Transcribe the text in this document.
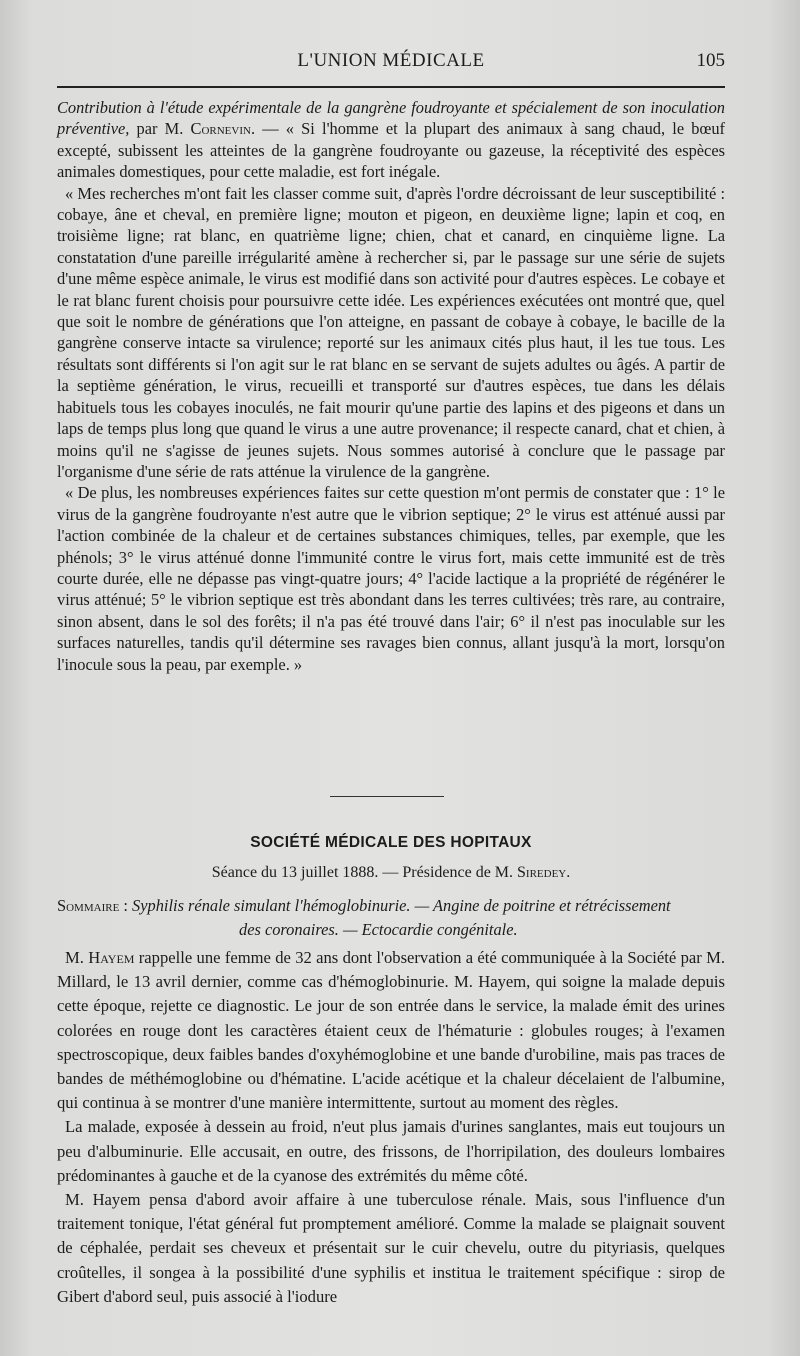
L'UNION MÉDICALE	105

Contribution à l'étude expérimentale de la gangrène foudroyante et spécialement de son inoculation préventive, par M. Cornevin. — « Si l'homme et la plupart des animaux à sang chaud, le bœuf excepté, subissent les atteintes de la gangrène foudroyante ou gazeuse, la réceptivité des espèces animales domestiques, pour cette maladie, est fort inégale.

« Mes recherches m'ont fait les classer comme suit, d'après l'ordre décroissant de leur susceptibilité : cobaye, âne et cheval, en première ligne; mouton et pigeon, en deuxième ligne; lapin et coq, en troisième ligne; rat blanc, en quatrième ligne; chien, chat et canard, en cinquième ligne. La constatation d'une pareille irrégularité amène à rechercher si, par le passage sur une série de sujets d'une même espèce animale, le virus est modifié dans son activité pour d'autres espèces. Le cobaye et le rat blanc furent choisis pour poursuivre cette idée. Les expériences exécutées ont montré que, quel que soit le nombre de générations que l'on atteigne, en passant de cobaye à cobaye, le bacille de la gangrène conserve intacte sa virulence; reporté sur les animaux cités plus haut, il les tue tous. Les résultats sont différents si l'on agit sur le rat blanc en se servant de sujets adultes ou âgés. A partir de la septième génération, le virus, recueilli et transporté sur d'autres espèces, tue dans les délais habituels tous les cobayes inoculés, ne fait mourir qu'une partie des lapins et des pigeons et dans un laps de temps plus long que quand le virus a une autre provenance; il respecte canard, chat et chien, à moins qu'il ne s'agisse de jeunes sujets. Nous sommes autorisé à conclure que le passage par l'organisme d'une série de rats atténue la virulence de la gangrène.

« De plus, les nombreuses expériences faites sur cette question m'ont permis de constater que : 1° le virus de la gangrène foudroyante n'est autre que le vibrion septique; 2° le virus est atténué aussi par l'action combinée de la chaleur et de certaines substances chimiques, telles, par exemple, que les phénols; 3° le virus atténué donne l'immunité contre le virus fort, mais cette immunité est de très courte durée, elle ne dépasse pas vingt-quatre jours; 4° l'acide lactique a la propriété de régénérer le virus atténué; 5° le vibrion septique est très abondant dans les terres cultivées; très rare, au contraire, sinon absent, dans le sol des forêts; il n'a pas été trouvé dans l'air; 6° il n'est pas inoculable sur les surfaces naturelles, tandis qu'il détermine ses ravages bien connus, allant jusqu'à la mort, lorsqu'on l'inocule sous la peau, par exemple. »

SOCIÉTÉ MÉDICALE DES HOPITAUX
Séance du 13 juillet 1888. — Présidence de M. Siredey.
Sommaire : Syphilis rénale simulant l'hémoglobinurie. — Angine de poitrine et rétrécissement
des coronaires. — Ectocardie congénitale.

M. Hayem rappelle une femme de 32 ans dont l'observation a été communiquée à la Société par M. Millard, le 13 avril dernier, comme cas d'hémoglobinurie. M. Hayem, qui soigne la malade depuis cette époque, rejette ce diagnostic. Le jour de son entrée dans le service, la malade émit des urines colorées en rouge dont les caractères étaient ceux de l'hématurie : globules rouges; à l'examen spectroscopique, deux faibles bandes d'oxyhémoglobine et une bande d'urobiline, mais pas traces de bandes de méthémoglobine ou d'hématine. L'acide acétique et la chaleur décelaient de l'albumine, qui continua à se montrer d'une manière intermittente, surtout au moment des règles.

La malade, exposée à dessein au froid, n'eut plus jamais d'urines sanglantes, mais eut toujours un peu d'albuminurie. Elle accusait, en outre, des frissons, de l'horripilation, des douleurs lombaires prédominantes à gauche et de la cyanose des extrémités du même côté.

M. Hayem pensa d'abord avoir affaire à une tuberculose rénale. Mais, sous l'influence d'un traitement tonique, l'état général fut promptement amélioré. Comme la malade se plaignait souvent de céphalée, perdait ses cheveux et présentait sur le cuir chevelu, outre du pityriasis, quelques croûtelles, il songea à la possibilité d'une syphilis et institua le traitement spécifique : sirop de Gibert d'abord seul, puis associé à l'iodure
